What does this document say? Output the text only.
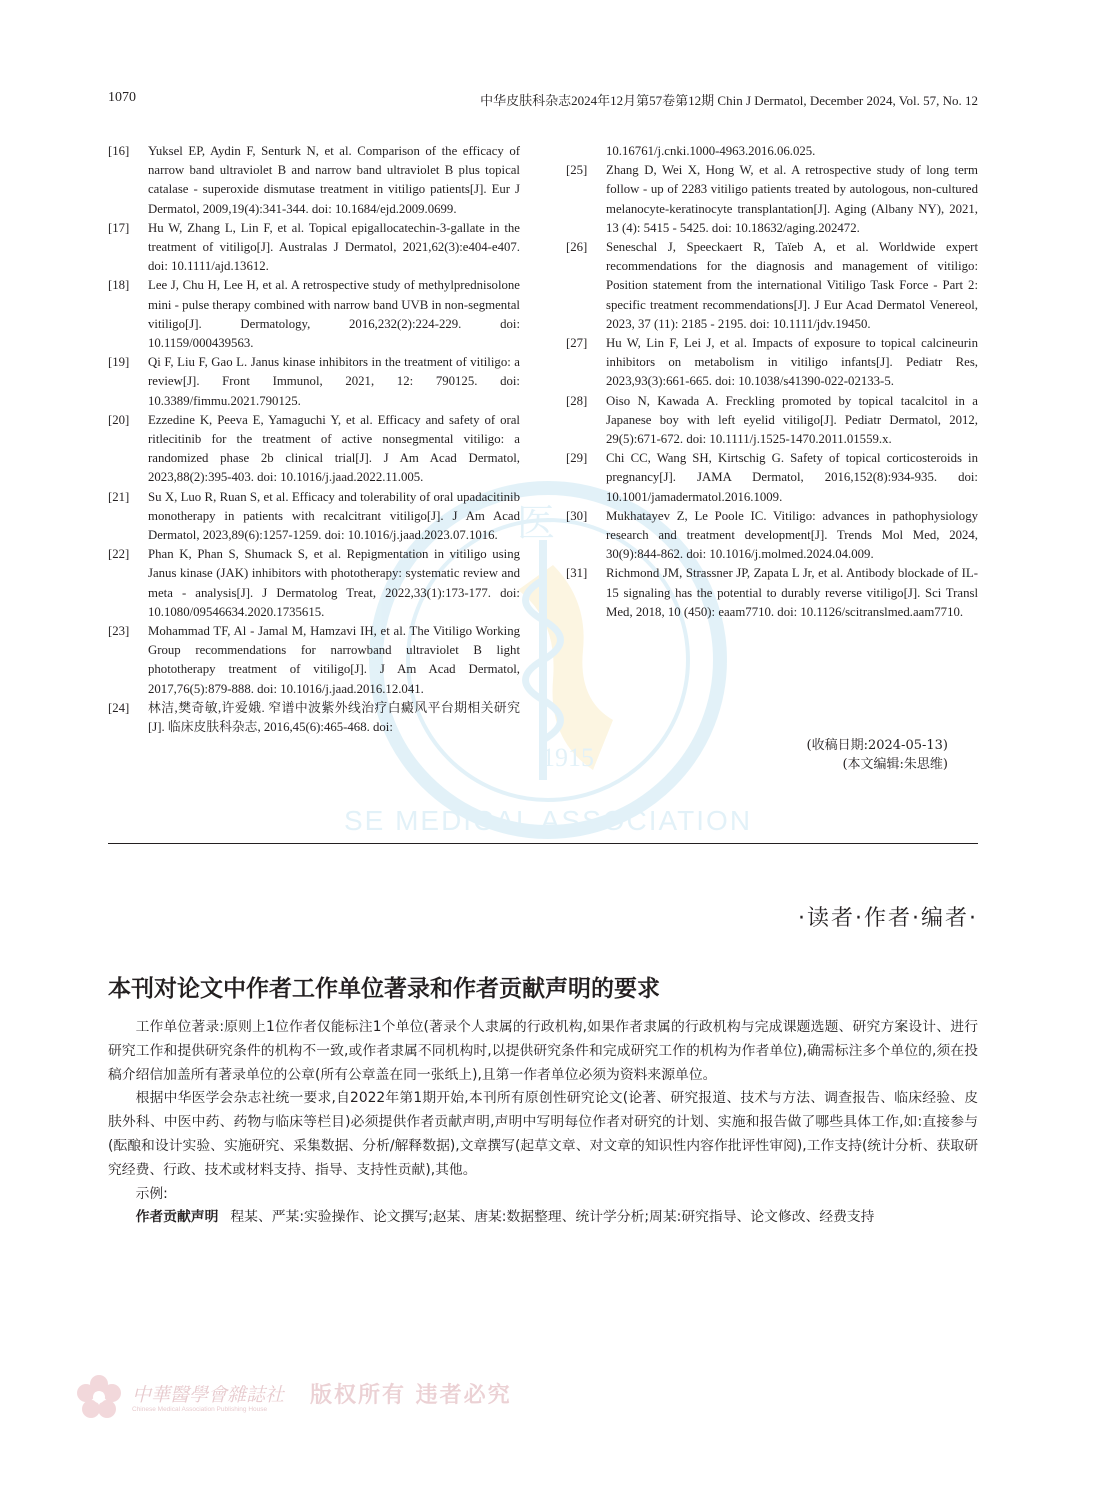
1070	中华皮肤科杂志2024年12月第57卷第12期 Chin J Dermatol, December 2024, Vol. 57, No. 12
医
1915
SE MEDICAL ASSOCIATION
[16] Yuksel EP, Aydin F, Senturk N, et al. Comparison of the efficacy of narrow band ultraviolet B and narrow band ultraviolet B plus topical catalase - superoxide dismutase treatment in vitiligo patients[J]. Eur J Dermatol, 2009,19(4):341-344. doi: 10.1684/ejd.2009.0699.
[17] Hu W, Zhang L, Lin F, et al. Topical epigallocatechin-3-gallate in the treatment of vitiligo[J]. Australas J Dermatol, 2021,62(3):e404-e407. doi: 10.1111/ajd.13612.
[18] Lee J, Chu H, Lee H, et al. A retrospective study of methylprednisolone mini - pulse therapy combined with narrow band UVB in non-segmental vitiligo[J]. Dermatology, 2016,232(2):224-229. doi: 10.1159/000439563.
[19] Qi F, Liu F, Gao L. Janus kinase inhibitors in the treatment of vitiligo: a review[J]. Front Immunol, 2021, 12: 790125. doi: 10.3389/fimmu.2021.790125.
[20] Ezzedine K, Peeva E, Yamaguchi Y, et al. Efficacy and safety of oral ritlecitinib for the treatment of active nonsegmental vitiligo: a randomized phase 2b clinical trial[J]. J Am Acad Dermatol, 2023,88(2):395-403. doi: 10.1016/j.jaad.2022.11.005.
[21] Su X, Luo R, Ruan S, et al. Efficacy and tolerability of oral upadacitinib monotherapy in patients with recalcitrant vitiligo[J]. J Am Acad Dermatol, 2023,89(6):1257-1259. doi: 10.1016/j.jaad.2023.07.1016.
[22] Phan K, Phan S, Shumack S, et al. Repigmentation in vitiligo using Janus kinase (JAK) inhibitors with phototherapy: systematic review and meta - analysis[J]. J Dermatolog Treat, 2022,33(1):173-177. doi: 10.1080/09546634.2020.1735615.
[23] Mohammad TF, Al - Jamal M, Hamzavi IH, et al. The Vitiligo Working Group recommendations for narrowband ultraviolet B light phototherapy treatment of vitiligo[J]. J Am Acad Dermatol, 2017,76(5):879-888. doi: 10.1016/j.jaad.2016.12.041.
[24] 林洁,樊奇敏,许爱娥. 窄谱中波紫外线治疗白癜风平台期相关研究[J]. 临床皮肤科杂志, 2016,45(6):465-468. doi:
10.16761/j.cnki.1000-4963.2016.06.025.
[25] Zhang D, Wei X, Hong W, et al. A retrospective study of long term follow - up of 2283 vitiligo patients treated by autologous, non-cultured melanocyte-keratinocyte transplantation[J]. Aging (Albany NY), 2021, 13 (4): 5415 - 5425. doi: 10.18632/aging.202472.
[26] Seneschal J, Speeckaert R, Taïeb A, et al. Worldwide expert recommendations for the diagnosis and management of vitiligo: Position statement from the international Vitiligo Task Force - Part 2: specific treatment recommendations[J]. J Eur Acad Dermatol Venereol, 2023, 37 (11): 2185 - 2195. doi: 10.1111/jdv.19450.
[27] Hu W, Lin F, Lei J, et al. Impacts of exposure to topical calcineurin inhibitors on metabolism in vitiligo infants[J]. Pediatr Res, 2023,93(3):661-665. doi: 10.1038/s41390-022-02133-5.
[28] Oiso N, Kawada A. Freckling promoted by topical tacalcitol in a Japanese boy with left eyelid vitiligo[J]. Pediatr Dermatol, 2012, 29(5):671-672. doi: 10.1111/j.1525-1470.2011.01559.x.
[29] Chi CC, Wang SH, Kirtschig G. Safety of topical corticosteroids in pregnancy[J]. JAMA Dermatol, 2016,152(8):934-935. doi: 10.1001/jamadermatol.2016.1009.
[30] Mukhatayev Z, Le Poole IC. Vitiligo: advances in pathophysiology research and treatment development[J]. Trends Mol Med, 2024, 30(9):844-862. doi: 10.1016/j.molmed.2024.04.009.
[31] Richmond JM, Strassner JP, Zapata L Jr, et al. Antibody blockade of IL-15 signaling has the potential to durably reverse vitiligo[J]. Sci Transl Med, 2018, 10 (450): eaam7710. doi: 10.1126/scitranslmed.aam7710.
(收稿日期:2024-05-13)
(本文编辑:朱思维)
·读者·作者·编者·
本刊对论文中作者工作单位著录和作者贡献声明的要求

工作单位著录:原则上1位作者仅能标注1个单位(著录个人隶属的行政机构,如果作者隶属的行政机构与完成课题选题、研究方案设计、进行研究工作和提供研究条件的机构不一致,或作者隶属不同机构时,以提供研究条件和完成研究工作的机构为作者单位),确需标注多个单位的,须在投稿介绍信加盖所有著录单位的公章(所有公章盖在同一张纸上),且第一作者单位必须为资料来源单位。

根据中华医学会杂志社统一要求,自2022年第1期开始,本刊所有原创性研究论文(论著、研究报道、技术与方法、调查报告、临床经验、皮肤外科、中医中药、药物与临床等栏目)必须提供作者贡献声明,声明中写明每位作者对研究的计划、实施和报告做了哪些具体工作,如:直接参与(酝酿和设计实验、实施研究、采集数据、分析/解释数据),文章撰写(起草文章、对文章的知识性内容作批评性审阅),工作支持(统计分析、获取研究经费、行政、技术或材料支持、指导、支持性贡献),其他。

示例:

作者贡献声明 程某、严某:实验操作、论文撰写;赵某、唐某:数据整理、统计学分析;周某:研究指导、论文修改、经费支持

中華醫學會雜誌社
Chinese Medical Association Publishing House
版权所有 违者必究
